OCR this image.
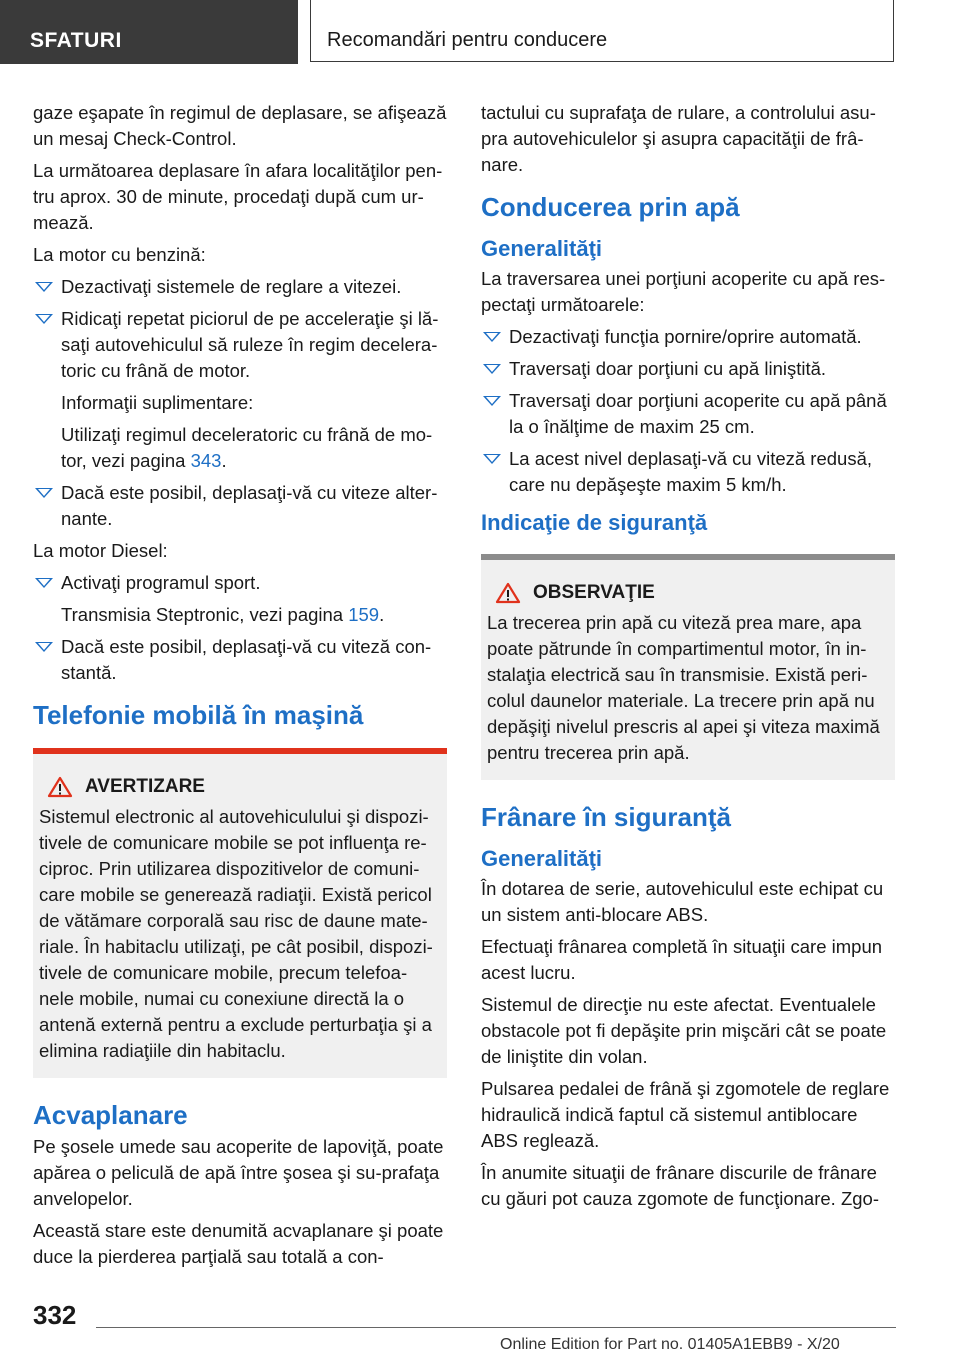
SFATURI	Recomandări pentru conducere

gaze eşapate în regimul de deplasare, se afişează un mesaj Check-Control.

La următoarea deplasare în afara localităţilor pen‐tru aprox. 30 de minute, procedaţi după cum ur‐mează.

La motor cu benzină:

Dezactivaţi sistemele de reglare a vitezei.

Ridicaţi repetat piciorul de pe acceleraţie şi lă‐saţi autovehiculul să ruleze în regim decelera‐toric cu frână de motor.

Informaţii suplimentare:

Utilizaţi regimul deceleratoric cu frână de mo‐tor, vezi pagina 343.

Dacă este posibil, deplasaţi-vă cu viteze alter‐nante.

La motor Diesel:

Activaţi programul sport.

Transmisia Steptronic, vezi pagina 159.

Dacă este posibil, deplasaţi-vă cu viteză con‐stantă.

Telefonie mobilă în maşină
AVERTIZARE

Sistemul electronic al autovehiculului şi dispozi‐tivele de comunicare mobile se pot influenţa re‐ciproc. Prin utilizarea dispozitivelor de comuni‐care mobile se generează radiaţii. Există pericol de vătămare corporală sau risc de daune mate‐riale. În habitaclu utilizaţi, pe cât posibil, dispozi‐tivele de comunicare mobile, precum telefoa‐nele mobile, numai cu conexiune directă la o antenă externă pentru a exclude perturbaţia şi a elimina radiaţiile din habitaclu.

Acvaplanare

Pe şosele umede sau acoperite de lapoviţă, poate apărea o peliculă de apă între şosea şi su‐prafaţa anvelopelor.

Această stare este denumită acvaplanare şi poate duce la pierderea parţială sau totală a con‐

tactului cu suprafaţa de rulare, a controlului asu‐pra autovehiculelor şi asupra capacităţii de frâ‐nare.

Conducerea prin apă
Generalităţi

La traversarea unei porţiuni acoperite cu apă res‐pectaţi următoarele:

Dezactivaţi funcţia pornire/oprire automată.

Traversaţi doar porţiuni cu apă liniştită.

Traversaţi doar porţiuni acoperite cu apă până la o înălţime de maxim 25 cm.

La acest nivel deplasaţi-vă cu viteză redusă, care nu depăşeşte maxim 5 km/h.

Indicaţie de siguranţă
OBSERVAŢIE

La trecerea prin apă cu viteză prea mare, apa poate pătrunde în compartimentul motor, în in‐stalaţia electrică sau în transmisie. Există peri‐colul daunelor materiale. La trecere prin apă nu depăşiţi nivelul prescris al apei şi viteza maximă pentru trecerea prin apă.

Frânare în siguranţă
Generalităţi

În dotarea de serie, autovehiculul este echipat cu un sistem anti-blocare ABS.

Efectuaţi frânarea completă în situaţii care impun acest lucru.

Sistemul de direcţie nu este afectat. Eventualele obstacole pot fi depăşite prin mişcări cât se poate de liniştite din volan.

Pulsarea pedalei de frână şi zgomotele de reglare hidraulică indică faptul că sistemul antiblocare ABS reglează.

În anumite situaţii de frânare discurile de frânare cu găuri pot cauza zgomote de funcţionare. Zgo‐

332
Online Edition for Part no. 01405A1EBB9 - X/20
